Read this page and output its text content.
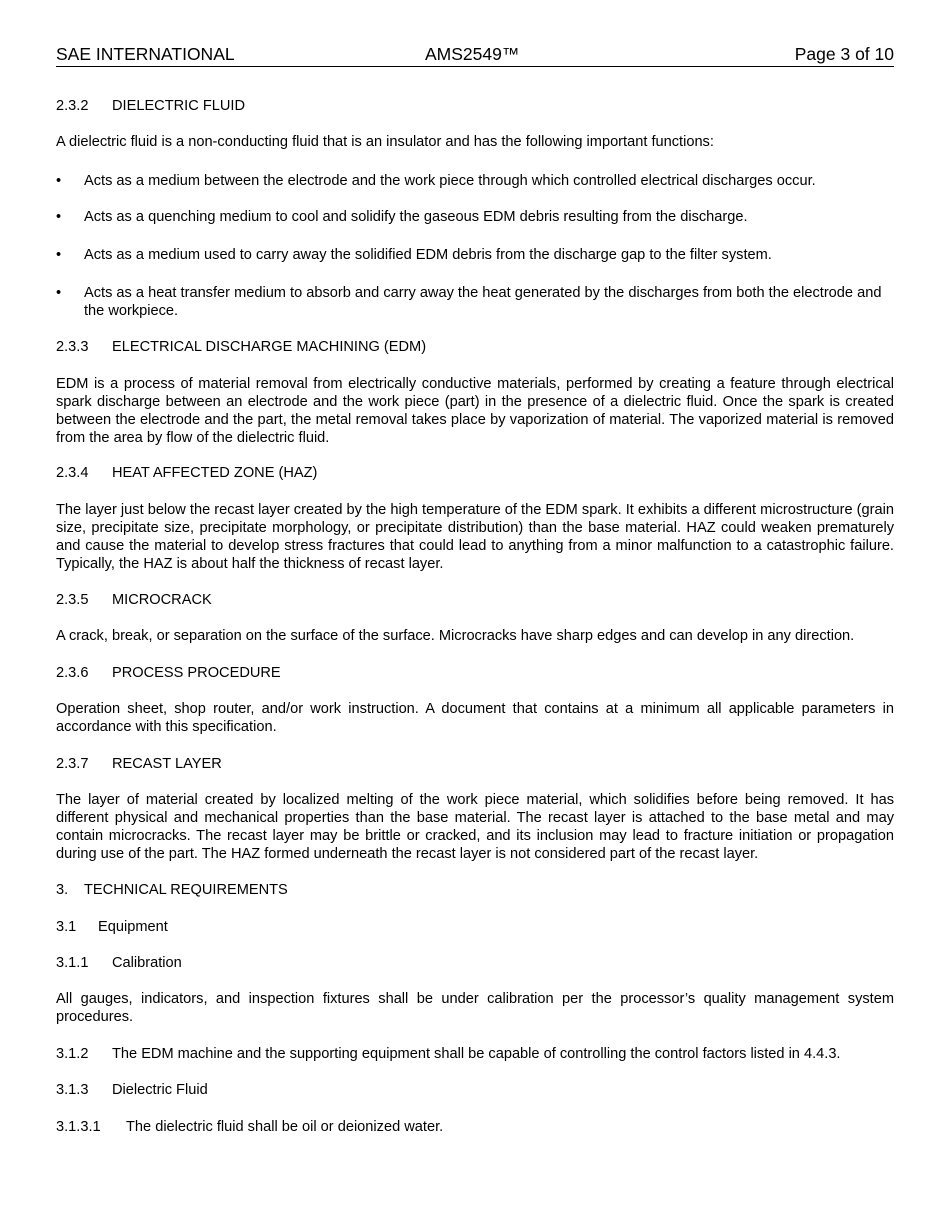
SAE INTERNATIONAL	AMS2549™	Page 3 of 10
2.3.2 DIELECTRIC FLUID
A dielectric fluid is a non-conducting fluid that is an insulator and has the following important functions:
•	Acts as a medium between the electrode and the work piece through which controlled electrical discharges occur.
•	Acts as a quenching medium to cool and solidify the gaseous EDM debris resulting from the discharge.
•	Acts as a medium used to carry away the solidified EDM debris from the discharge gap to the filter system.
•	Acts as a heat transfer medium to absorb and carry away the heat generated by the discharges from both the electrode and the workpiece.
2.3.3 ELECTRICAL DISCHARGE MACHINING (EDM)
EDM is a process of material removal from electrically conductive materials, performed by creating a feature through electrical spark discharge between an electrode and the work piece (part) in the presence of a dielectric fluid. Once the spark is created between the electrode and the part, the metal removal takes place by vaporization of material. The vaporized material is removed from the area by flow of the dielectric fluid.
2.3.4 HEAT AFFECTED ZONE (HAZ)
The layer just below the recast layer created by the high temperature of the EDM spark. It exhibits a different microstructure (grain size, precipitate size, precipitate morphology, or precipitate distribution) than the base material. HAZ could weaken prematurely and cause the material to develop stress fractures that could lead to anything from a minor malfunction to a catastrophic failure. Typically, the HAZ is about half the thickness of recast layer.
2.3.5 MICROCRACK
A crack, break, or separation on the surface of the surface. Microcracks have sharp edges and can develop in any direction.
2.3.6 PROCESS PROCEDURE
Operation sheet, shop router, and/or work instruction. A document that contains at a minimum all applicable parameters in accordance with this specification.
2.3.7 RECAST LAYER
The layer of material created by localized melting of the work piece material, which solidifies before being removed. It has different physical and mechanical properties than the base material. The recast layer is attached to the base metal and may contain microcracks. The recast layer may be brittle or cracked, and its inclusion may lead to fracture initiation or propagation during use of the part. The HAZ formed underneath the recast layer is not considered part of the recast layer.
3. TECHNICAL REQUIREMENTS
3.1 Equipment
3.1.1 Calibration
All gauges, indicators, and inspection fixtures shall be under calibration per the processor’s quality management system procedures.
3.1.2 The EDM machine and the supporting equipment shall be capable of controlling the control factors listed in 4.4.3.
3.1.3 Dielectric Fluid
3.1.3.1 The dielectric fluid shall be oil or deionized water.
